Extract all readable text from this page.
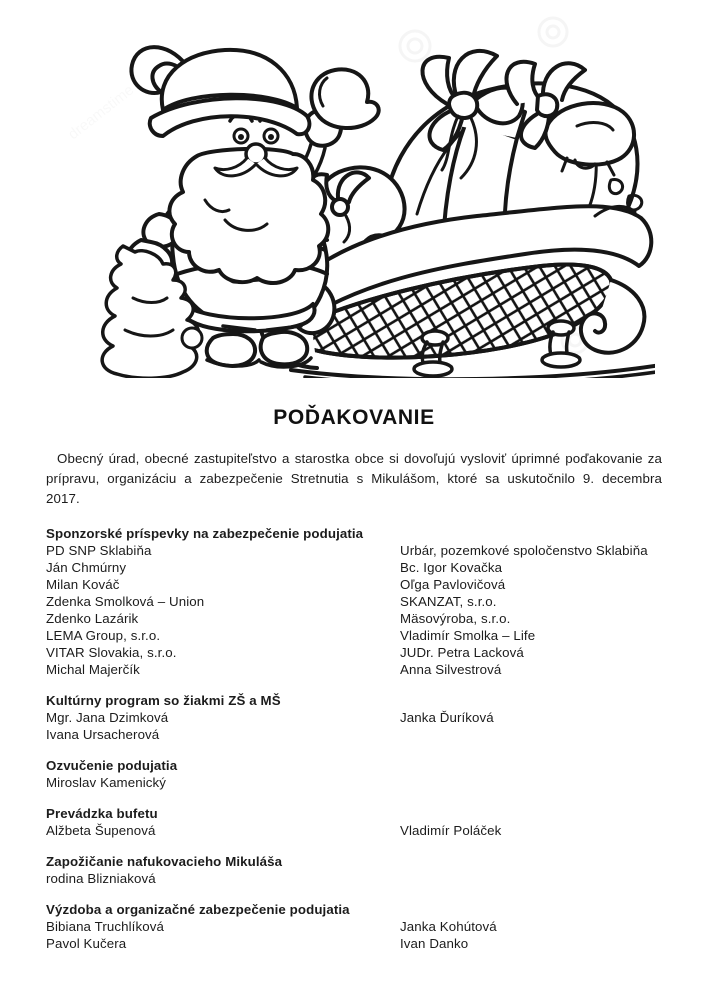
dreamstime
POĎAKOVANIE

Obecný úrad, obecné zastupiteľstvo a starostka obce si dovoľujú vysloviť úprimné poďakovanie za prípravu, organizáciu a zabezpečenie Stretnutia s Mikulášom, ktoré sa uskutočnilo 9. decembra 2017.

Sponzorské príspevky na zabezpečenie podujatia
PD SNP Sklabiňa	Urbár, pozemkové spoločenstvo Sklabiňa
Ján Chmúrny	Bc. Igor Kovačka
Milan Kováč	Oľga Pavlovičová
Zdenka Smolková – Union	SKANZAT, s.r.o.
Zdenko Lazárik	Mäsovýroba, s.r.o.
LEMA Group, s.r.o.	Vladimír Smolka – Life
VITAR Slovakia, s.r.o.	JUDr. Petra Lacková
Michal Majerčík	Anna Silvestrová
Kultúrny program so žiakmi ZŠ a MŠ
Mgr. Jana Dzimková	Janka Ďuríková
Ivana Ursacherová
Ozvučenie podujatia
Miroslav Kamenický
Prevádzka bufetu
Alžbeta Šupenová	Vladimír Poláček
Zapožičanie nafukovacieho Mikuláša
rodina Blizniaková
Výzdoba a organizačné zabezpečenie podujatia
Bibiana Truchlíková	Janka Kohútová
Pavol Kučera	Ivan Danko
